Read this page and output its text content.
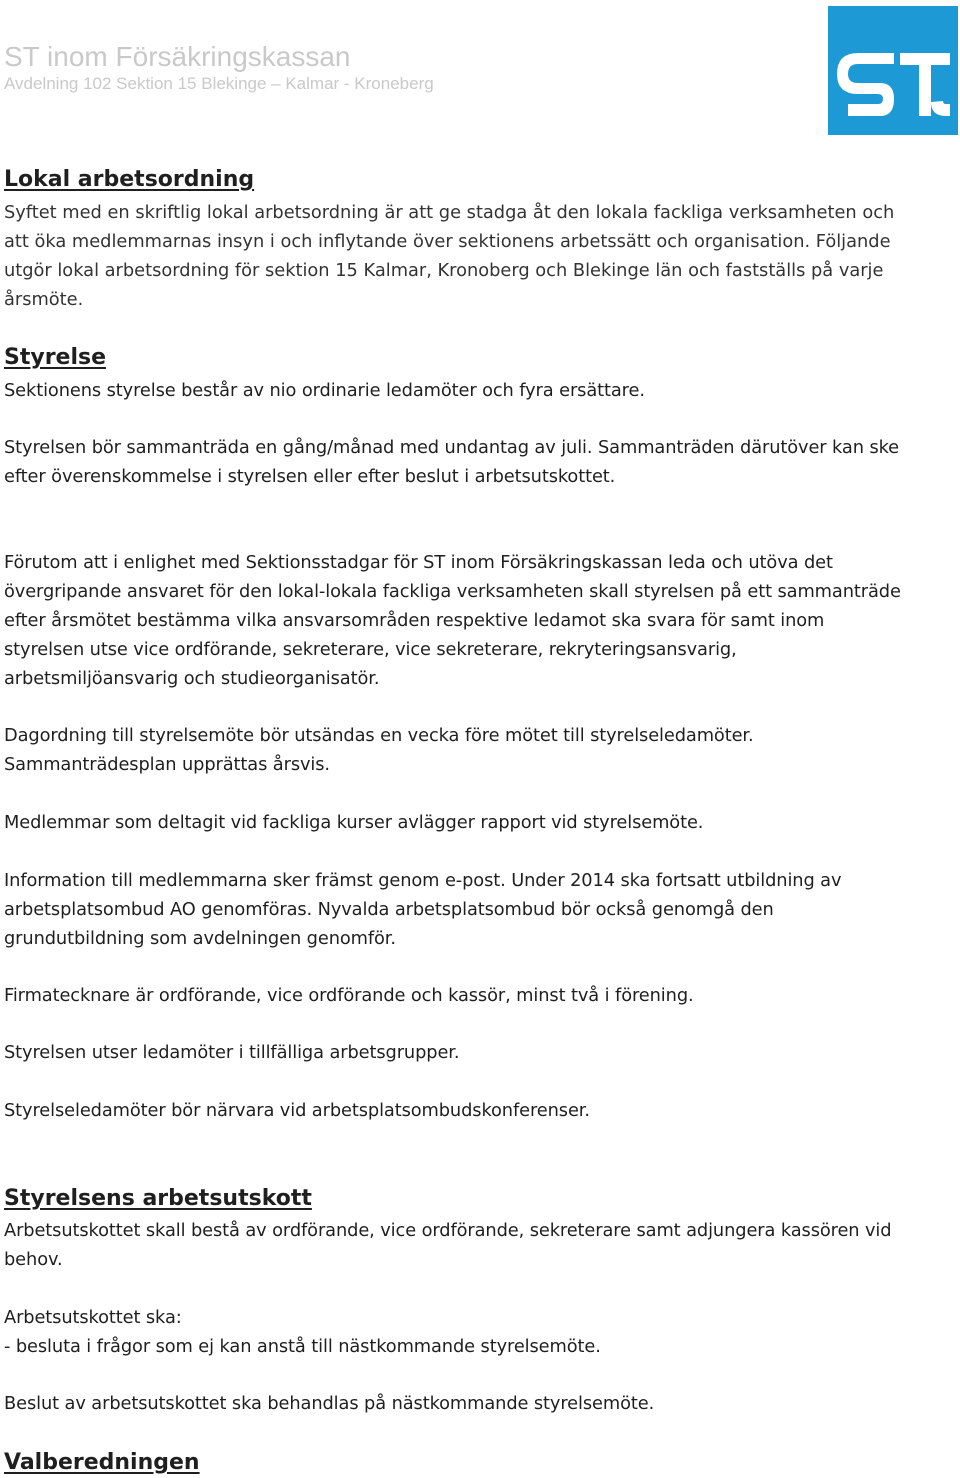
ST inom Försäkringskassan
Avdelning 102 Sektion 15 Blekinge – Kalmar - Kroneberg
Lokal arbetsordning
Syftet med en skriftlig lokal arbetsordning är att ge stadga åt den lokala fackliga verksamheten och att öka medlemmarnas insyn i och inflytande över sektionens arbetssätt och organisation. Följande utgör lokal arbetsordning för sektion 15 Kalmar, Kronoberg och Blekinge län och fastställs på varje årsmöte.
Styrelse
Sektionens styrelse består av nio ordinarie ledamöter och fyra ersättare.
Styrelsen bör sammanträda en gång/månad med undantag av juli. Sammanträden därutöver kan ske efter överenskommelse i styrelsen eller efter beslut i arbetsutskottet.
Förutom att i enlighet med Sektionsstadgar för ST inom Försäkringskassan leda och utöva det övergripande ansvaret för den lokal-lokala fackliga verksamheten skall styrelsen på ett sammanträde efter årsmötet bestämma vilka ansvarsområden respektive ledamot ska svara för samt inom styrelsen utse vice ordförande, sekreterare, vice sekreterare, rekryteringsansvarig, arbetsmiljöansvarig och studieorganisatör.
Dagordning till styrelsemöte bör utsändas en vecka före mötet till styrelseledamöter. Sammanträdesplan upprättas årsvis.
Medlemmar som deltagit vid fackliga kurser avlägger rapport vid styrelsemöte.
Information till medlemmarna sker främst genom e-post. Under 2014 ska fortsatt utbildning av arbetsplatsombud AO genomföras. Nyvalda arbetsplatsombud bör också genomgå den grundutbildning som avdelningen genomför.
Firmatecknare är ordförande, vice ordförande och kassör, minst två i förening.
Styrelsen utser ledamöter i tillfälliga arbetsgrupper.
Styrelseledamöter bör närvara vid arbetsplatsombudskonferenser.
Styrelsens arbetsutskott
Arbetsutskottet skall bestå av ordförande, vice ordförande, sekreterare samt adjungera kassören vid behov.
Arbetsutskottet ska:
- besluta i frågor som ej kan anstå till nästkommande styrelsemöte.
Beslut av arbetsutskottet ska behandlas på nästkommande styrelsemöte.
Valberedningen
